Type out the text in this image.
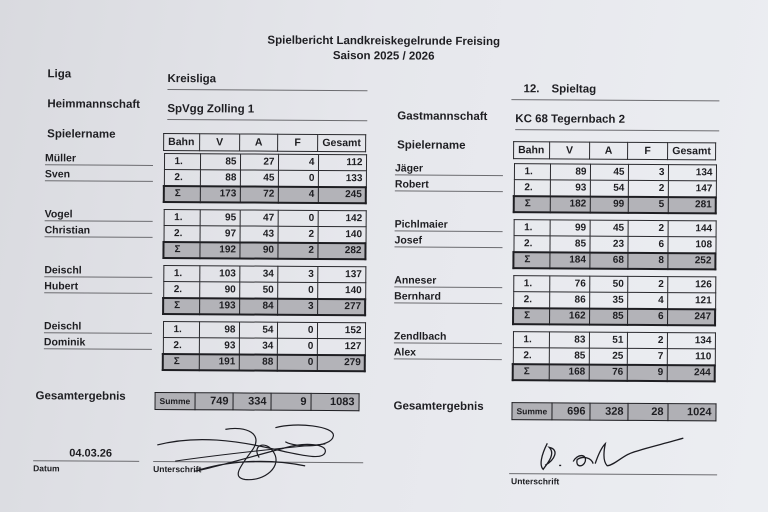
Spielbericht Landkreiskegelrunde Freising
Saison 2025 / 2026
Liga	Kreisliga
12. Spieltag
Heimmannschaft SpVgg Zolling 1
Gastmannschaft KC 68 Tegernbach 2
Spielername
Spielername
Bahn	V	A	F	Gesamt
Bahn	V	A	F	Gesamt
Gesamtergebnis	Summe	749	334	9	1083	Gesamtergebnis	Summe	696	328	28	1024
04.03.26
Datum	Unterschrift
Unterschrift
Müller
Sven
1.	85	27	4	112
2.	88	45	0	133
Σ	173	72	4	245
Vogel
Christian
1.	95	47	0	142
2.	97	43	2	140
Σ	192	90	2	282
Deischl
Hubert
1.	103	34	3	137
2.	90	50	0	140
Σ	193	84	3	277
Deischl
Dominik
1.	98	54	0	152
2.	93	34	0	127
Σ	191	88	0	279
Jäger
Robert
1.	89	45	3	134
2.	93	54	2	147
Σ	182	99	5	281
Pichlmaier
Josef
1.	99	45	2	144
2.	85	23	6	108
Σ	184	68	8	252
Anneser
Bernhard
1.	76	50	2	126
2.	86	35	4	121
Σ	162	85	6	247
Zendlbach
Alex
1.	83	51	2	134
2.	85	25	7	110
Σ	168	76	9	244
